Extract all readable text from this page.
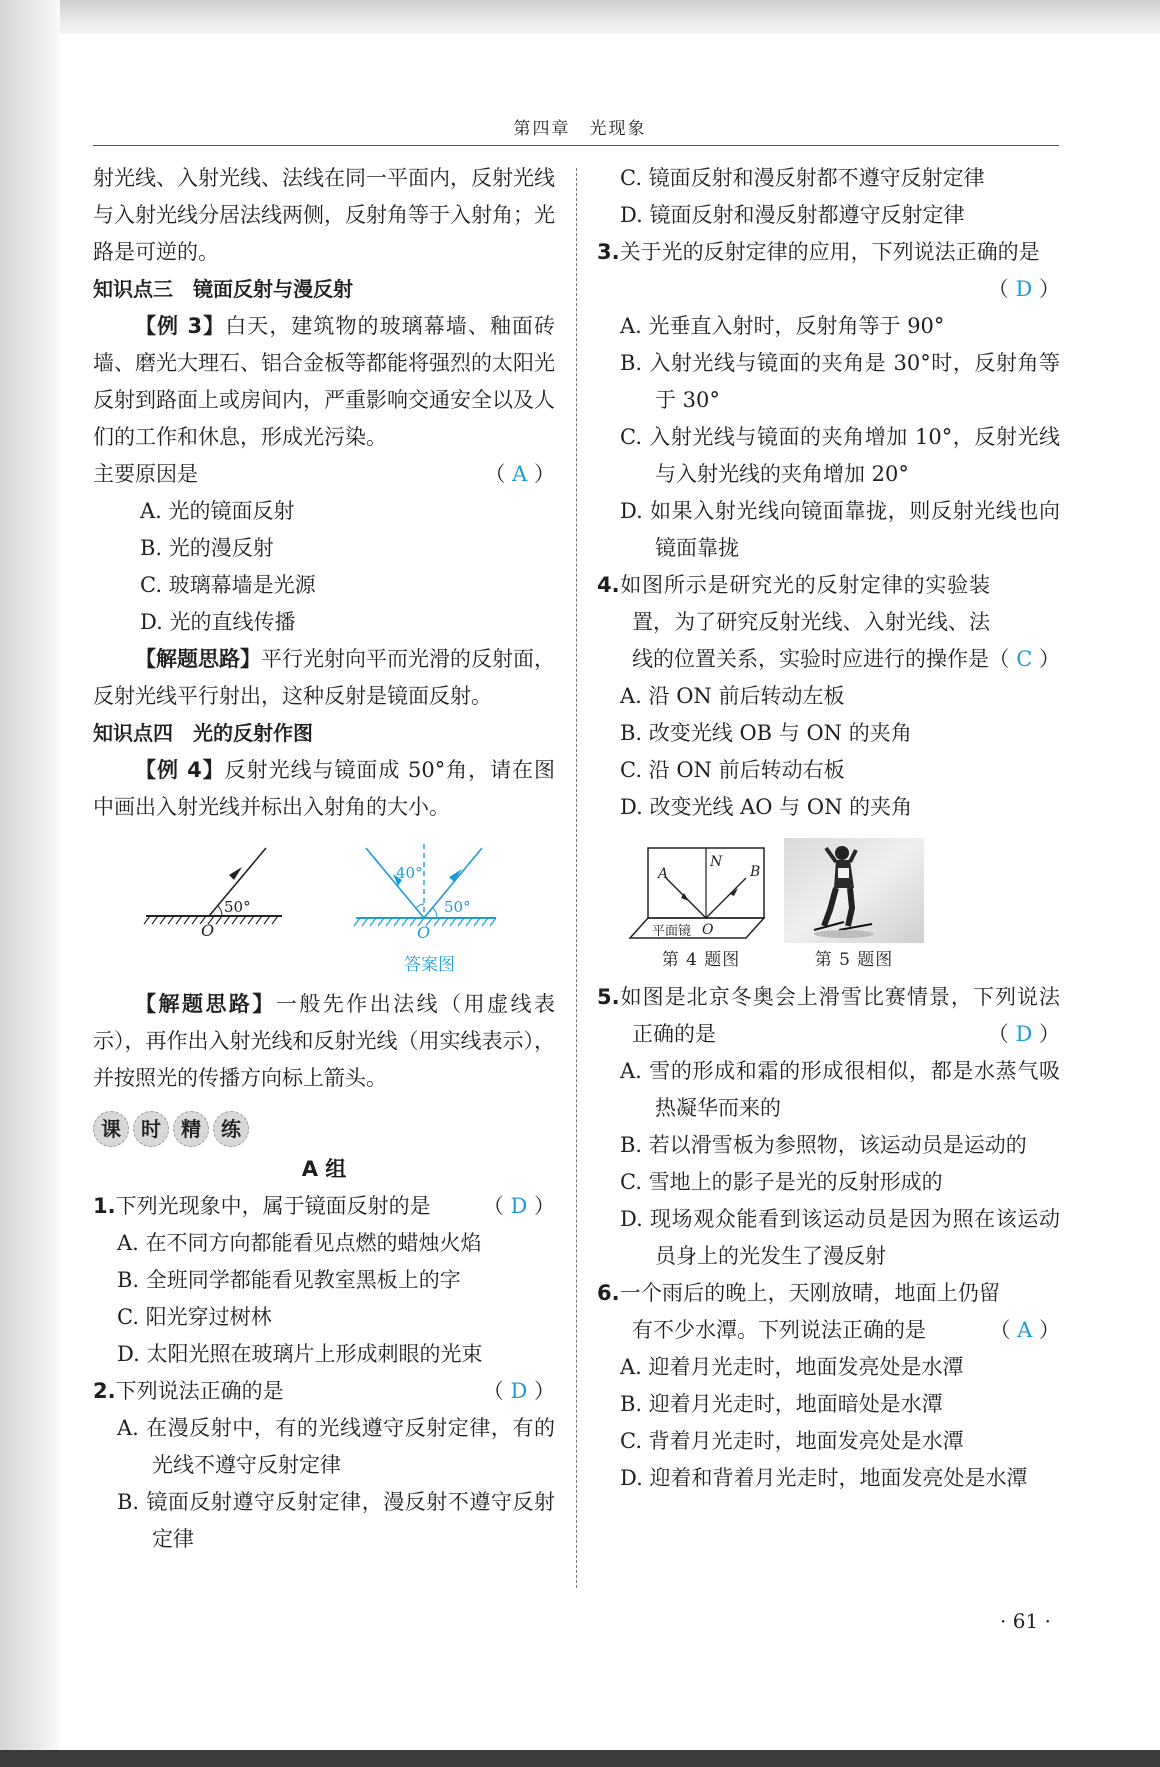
第四章　光现象

射光线、入射光线、法线在同一平面内，反射光线与入射光线分居法线两侧，反射角等于入射角；光路是可逆的。

知识点三　镜面反射与漫反射

【例 3】白天，建筑物的玻璃幕墙、釉面砖墙、磨光大理石、铝合金板等都能将强烈的太阳光反射到路面上或房间内，严重影响交通安全以及人们的工作和休息，形成光污染。

主要原因是	（ A ）
A. 光的镜面反射
B. 光的漫反射
C. 玻璃幕墙是光源
D. 光的直线传播

【解题思路】平行光射向平而光滑的反射面，反射光线平行射出，这种反射是镜面反射。

知识点四　光的反射作图

【例 4】反射光线与镜面成 50°角，请在图中画出入射光线并标出入射角的大小。

50°
O
40°
50°
O
答案图

【解题思路】一般先作出法线（用虚线表示），再作出入射光线和反射光线（用实线表示），并按照光的传播方向标上箭头。

课	时	精	练
A 组
1.下列光现象中，属于镜面反射的是 （ D ）
A. 在不同方向都能看见点燃的蜡烛火焰
B. 全班同学都能看见教室黑板上的字
C. 阳光穿过树林
D. 太阳光照在玻璃片上形成刺眼的光束
2.下列说法正确的是	（ D ）
A. 在漫反射中，有的光线遵守反射定律，有的光线不遵守反射定律
B. 镜面反射遵守反射定律，漫反射不遵守反射定律
C. 镜面反射和漫反射都不遵守反射定律
D. 镜面反射和漫反射都遵守反射定律

3.关于光的反射定律的应用，下列说法正确的是

（ D ）
A. 光垂直入射时，反射角等于 90°
B. 入射光线与镜面的夹角是 30°时，反射角等于 30°
C. 入射光线与镜面的夹角增加 10°，反射光线与入射光线的夹角增加 20°
D. 如果入射光线向镜面靠拢，则反射光线也向镜面靠拢

4.如图所示是研究光的反射定律的实验装置，为了研究反射光线、入射光线、法线的位置关系，实验时应进行的操作是 （ C ）

A. 沿 ON 前后转动左板
B. 改变光线 OB 与 ON 的夹角
C. 沿 ON 前后转动右板
D. 改变光线 AO 与 ON 的夹角
A
N
B
O
平面镜
第 4 题图	第 5 题图

5.如图是北京冬奥会上滑雪比赛情景，下列说法正确的是	（ D ）
A. 雪的形成和霜的形成很相似，都是水蒸气吸热凝华而来的
B. 若以滑雪板为参照物，该运动员是运动的
C. 雪地上的影子是光的反射形成的
D. 现场观众能看到该运动员是因为照在该运动员身上的光发生了漫反射

6.一个雨后的晚上，天刚放晴，地面上仍留有不少水潭。下列说法正确的是	（ A ）

A. 迎着月光走时，地面发亮处是水潭
B. 迎着月光走时，地面暗处是水潭
C. 背着月光走时，地面发亮处是水潭
D. 迎着和背着月光走时，地面发亮处是水潭
· 61 ·
